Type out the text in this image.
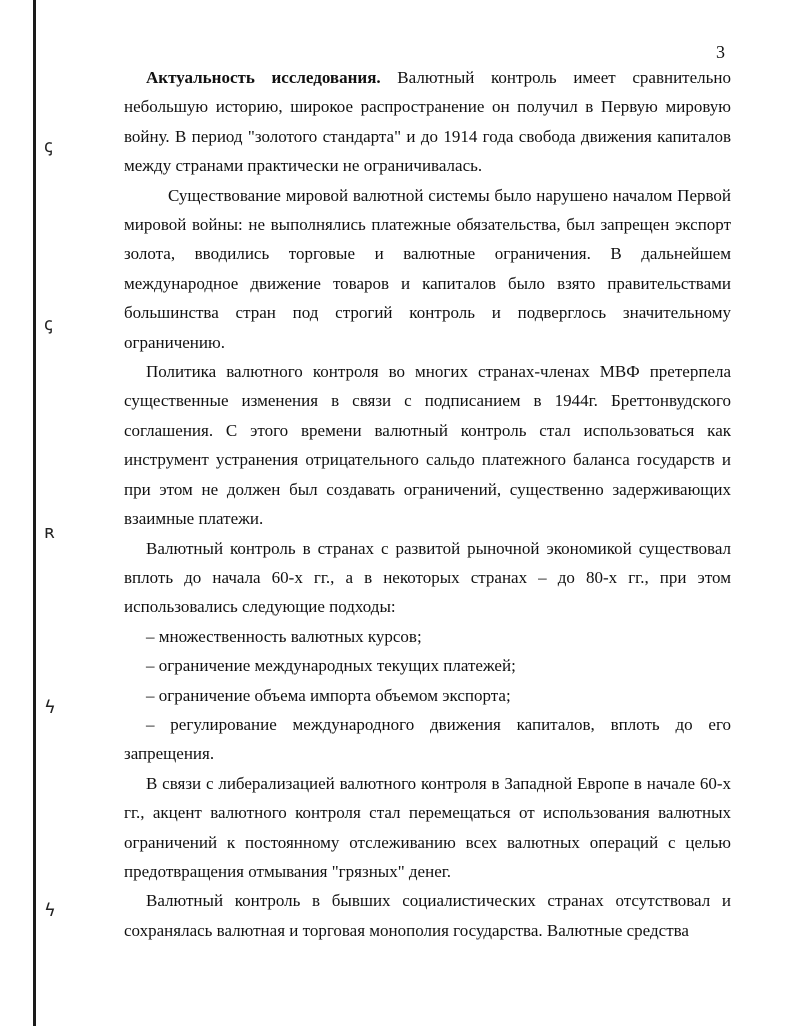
ꞔ
ꞔ
ʀ
ϟ
ϟ
3

Актуальность исследования. Валютный контроль имеет сравнительно небольшую историю, широкое распространение он получил в Первую мировую войну. В период "золотого стандарта" и до 1914 года свобода движения капиталов между странами практически не ограничивалась.

Существование мировой валютной системы было нарушено началом Первой мировой войны: не выполнялись платежные обязательства, был запрещен экспорт золота, вводились торговые и валютные ограничения. В дальнейшем международное движение товаров и капиталов было взято правительствами большинства стран под строгий контроль и подверглось значительному ограничению.

Политика валютного контроля во многих странах-членах МВФ претерпела существенные изменения в связи с подписанием в 1944г. Бреттонвудского соглашения. С этого времени валютный контроль стал использоваться как инструмент устранения отрицательного сальдо платежного баланса государств и при этом не должен был создавать ограничений, существенно задерживающих взаимные платежи.

Валютный контроль в странах с развитой рыночной экономикой существовал вплоть до начала 60-х гг., а в некоторых странах – до 80-х гг., при этом использовались следующие подходы:

– множественность валютных курсов;

– ограничение международных текущих платежей;

– ограничение объема импорта объемом экспорта;

– регулирование международного движения капиталов, вплоть до его запрещения.

В связи с либерализацией валютного контроля в Западной Европе в начале 60-х гг., акцент валютного контроля стал перемещаться от использования валютных ограничений к постоянному отслеживанию всех валютных операций с целью предотвращения отмывания "грязных" денег.

Валютный контроль в бывших социалистических странах отсутствовал и сохранялась валютная и торговая монополия государства. Валютные средства
